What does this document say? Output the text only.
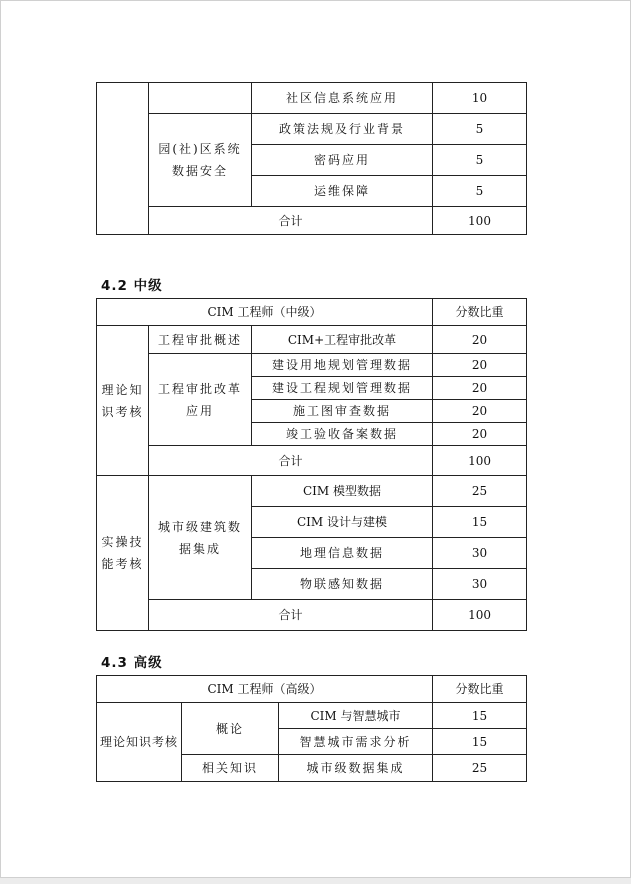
		社区信息系统应用	10
	园(社)区系统数据安全	政策法规及行业背景	5
		密码应用	5
		运维保障	5
	合计		100
4.2 中级
CIM 工程师（中级）			分数比重
理论知识考核	工程审批概述	CIM+工程审批改革	20
	工程审批改革应用	建设用地规划管理数据	20
		建设工程规划管理数据	20
		施工图审查数据	20
		竣工验收备案数据	20
	合计		100
实操技能考核	城市级建筑数据集成	CIM 模型数据	25
		CIM 设计与建模	15
		地理信息数据	30
		物联感知数据	30
	合计		100
4.3 高级
CIM 工程师（高级）			分数比重
理论知识考核	概论	CIM 与智慧城市	15
		智慧城市需求分析	15
	相关知识	城市级数据集成	25
